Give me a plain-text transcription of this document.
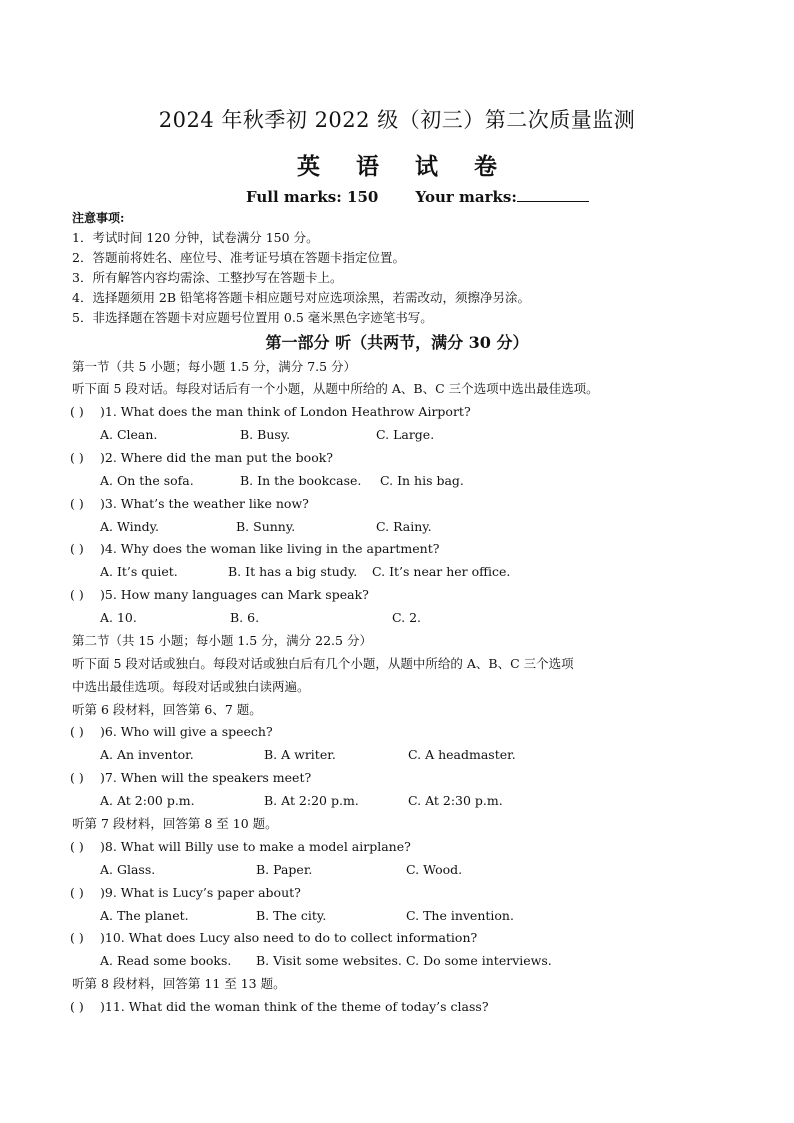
2024 年秋季初 2022 级（初三）第二次质量监测
英 语 试 卷
Full marks: 150 Your marks:
注意事项:
1．考试时间 120 分钟，试卷满分 150 分。
2．答题前将姓名、座位号、准考证号填在答题卡指定位置。
3．所有解答内容均需涂、工整抄写在答题卡上。
4．选择题须用 2B 铅笔将答题卡相应题号对应选项涂黑，若需改动，须擦净另涂。
5．非选择题在答题卡对应题号位置用 0.5 毫米黑色字迹笔书写。
第一部分 听（共两节，满分 30 分）
第一节（共 5 小题；每小题 1.5 分，满分 7.5 分）
听下面 5 段对话。每段对话后有一个小题，从题中所给的 A、B、C 三个选项中选出最佳选项。
( ) )1. What does the man think of London Heathrow Airport?
A. Clean.	B. Busy.	C. Large.
( ) )2. Where did the man put the book?
A. On the sofa.	B. In the bookcase. C. In his bag.
( ) )3. What’s the weather like now?
A. Windy.	B. Sunny.	C. Rainy.
( ) )4. Why does the woman like living in the apartment?
A. It’s quiet.	B. It has a big study. C. It’s near her office.
( ) )5. How many languages can Mark speak?
A. 10.	B. 6.	C. 2.
第二节（共 15 小题；每小题 1.5 分，满分 22.5 分）
听下面 5 段对话或独白。每段对话或独白后有几个小题，从题中所给的 A、B、C 三个选项
中选出最佳选项。每段对话或独白读两遍。
听第 6 段材料，回答第 6、7 题。
( ) )6. Who will give a speech?
A. An inventor.	B. A writer.	C. A headmaster.
( ) )7. When will the speakers meet?
A. At 2:00 p.m.	B. At 2:20 p.m.	C. At 2:30 p.m.
听第 7 段材料，回答第 8 至 10 题。
( ) )8. What will Billy use to make a model airplane?
A. Glass.	B. Paper.	C. Wood.
( ) )9. What is Lucy’s paper about?
A. The planet.	B. The city.	C. The invention.
( ) )10. What does Lucy also need to do to collect information?
A. Read some books. B. Visit some websites. C. Do some interviews.
听第 8 段材料，回答第 11 至 13 题。
( ) )11. What did the woman think of the theme of today’s class?
